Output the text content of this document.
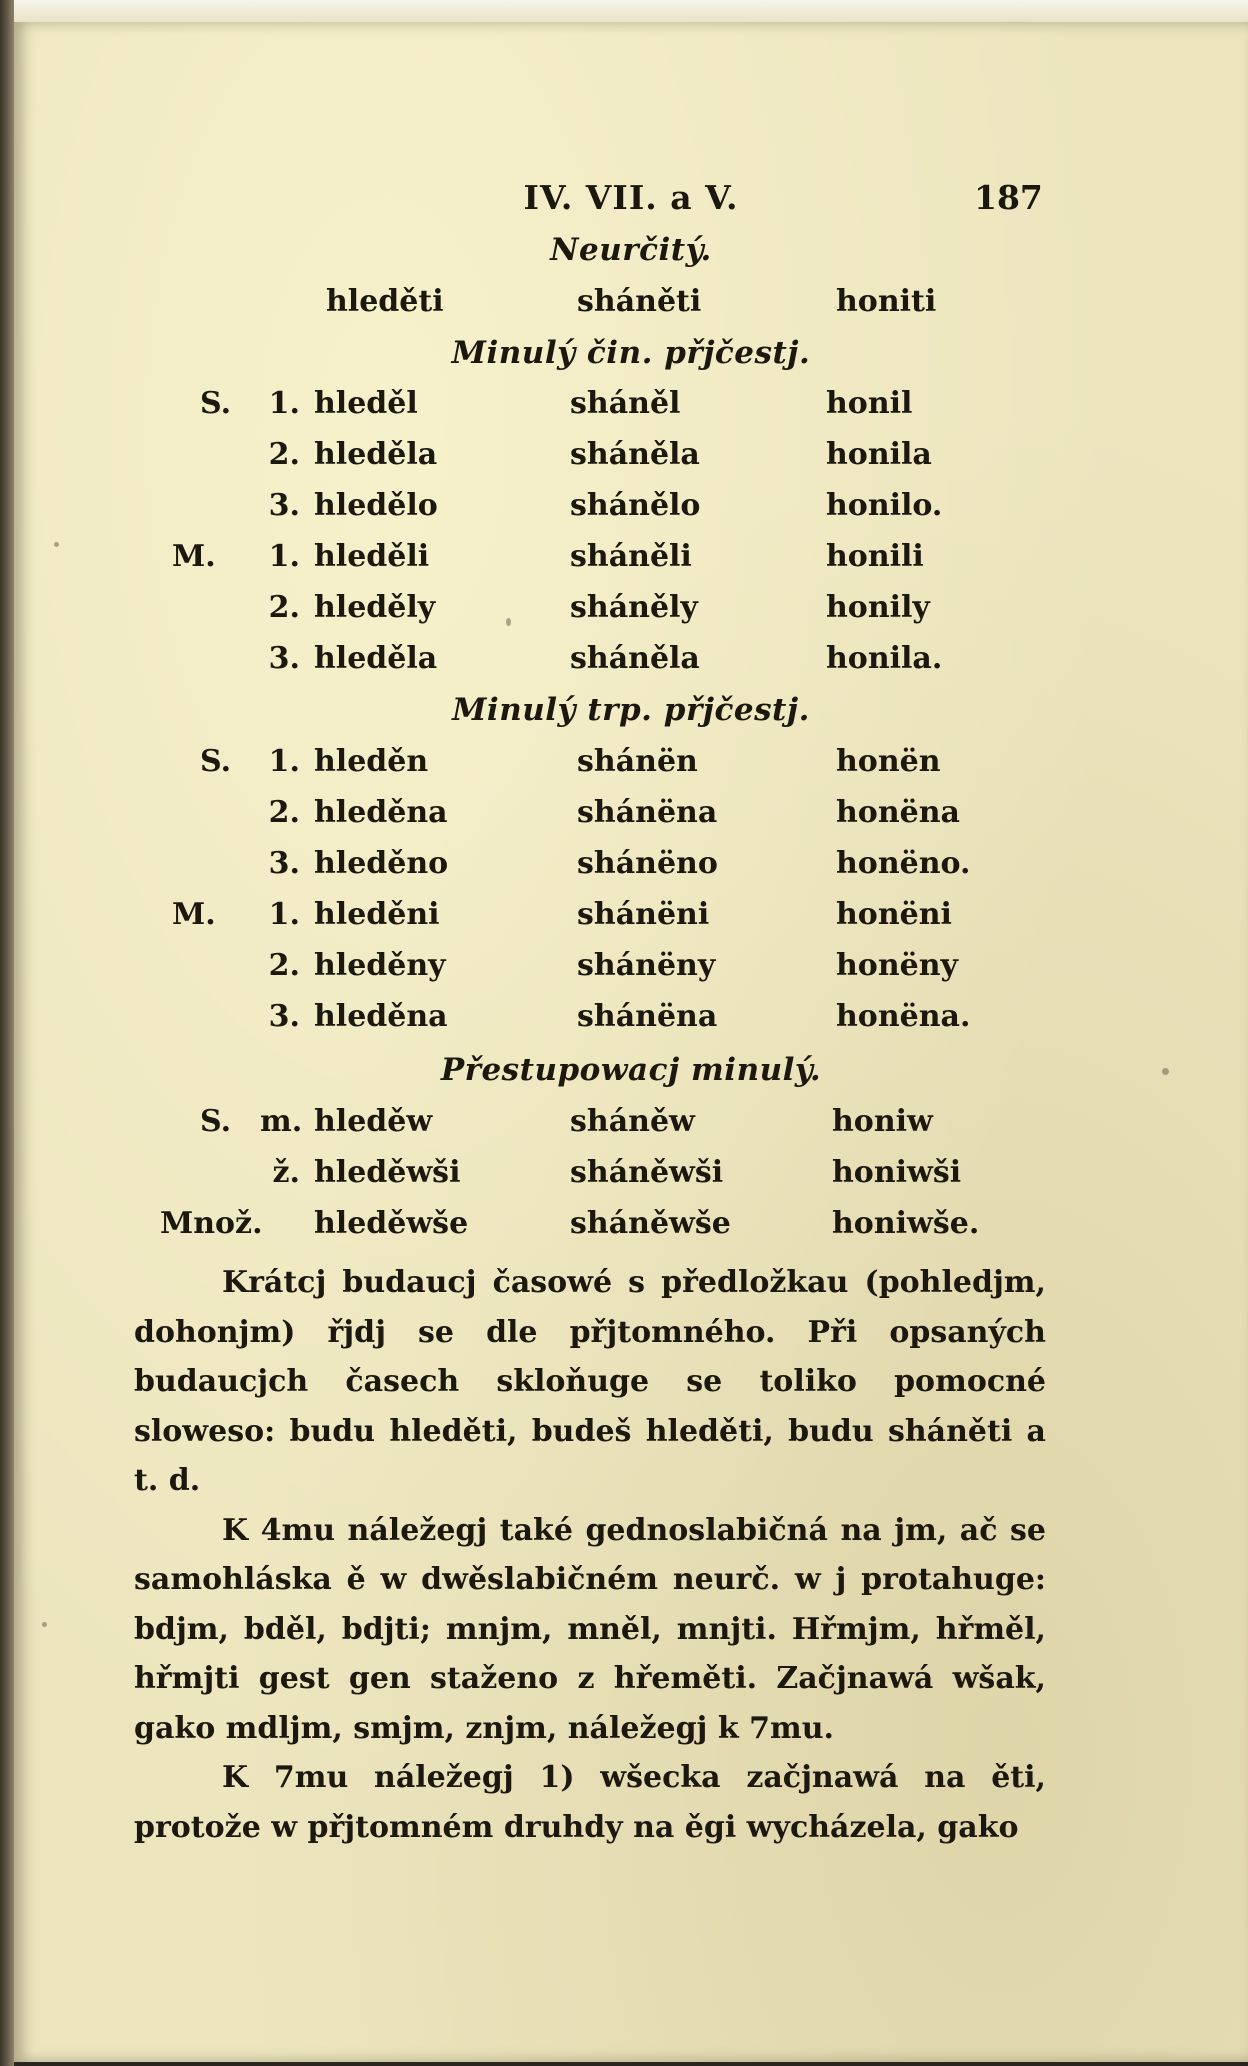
IV. VII. a V.	187
Neurčitý.
hleděti	sháněti	honiti
Minulý čin. přjčestj.
S. 1. hleděl	sháněl	honil
2. hleděla	sháněla	honila
3. hledělo	shánělo	honilo.
M. 1. hleděli	sháněli	honili
2. hleděly	sháněly	honily
3. hleděla	sháněla	honila.
Minulý trp. přjčestj.
S. 1. hleděn	shánën	honën
2. hleděna	shánëna	honëna
3. hleděno	shánëno	honëno.
M. 1. hleděni	shánëni	honëni
2. hleděny	shánëny	honëny
3. hleděna	shánëna	honëna.
Přestupowacj minulý.
S. m. hleděw	sháněw	honiw
ž. hleděwši	sháněwši	honiwši
Množ. hleděwše	sháněwše	honiwše.

Krátcj budaucj časowé s předložkau (pohledjm, dohonjm) řjdj se dle přjtomného. Při opsaných budaucjch časech skloňuge se toliko pomocné slowesо: budu hleděti, budeš hleděti, budu sháněti a t. d.

K 4mu náležegj také gednoslabičná na jm, ač se samohláska ě w dwěslabičném neurč. w j protahuge: bdjm, bděl, bdjti; mnjm, mněl, mnjti. Hřmjm, hřměl, hřmjti gest gen staženo z hřeměti. Začjnawá wšak, gako mdljm, smjm, znjm, náležegj k 7mu.

K 7mu náležegj 1) wšecka začjnawá na ěti, protože w přjtomném druhdy na ěgi wycházela, gako
